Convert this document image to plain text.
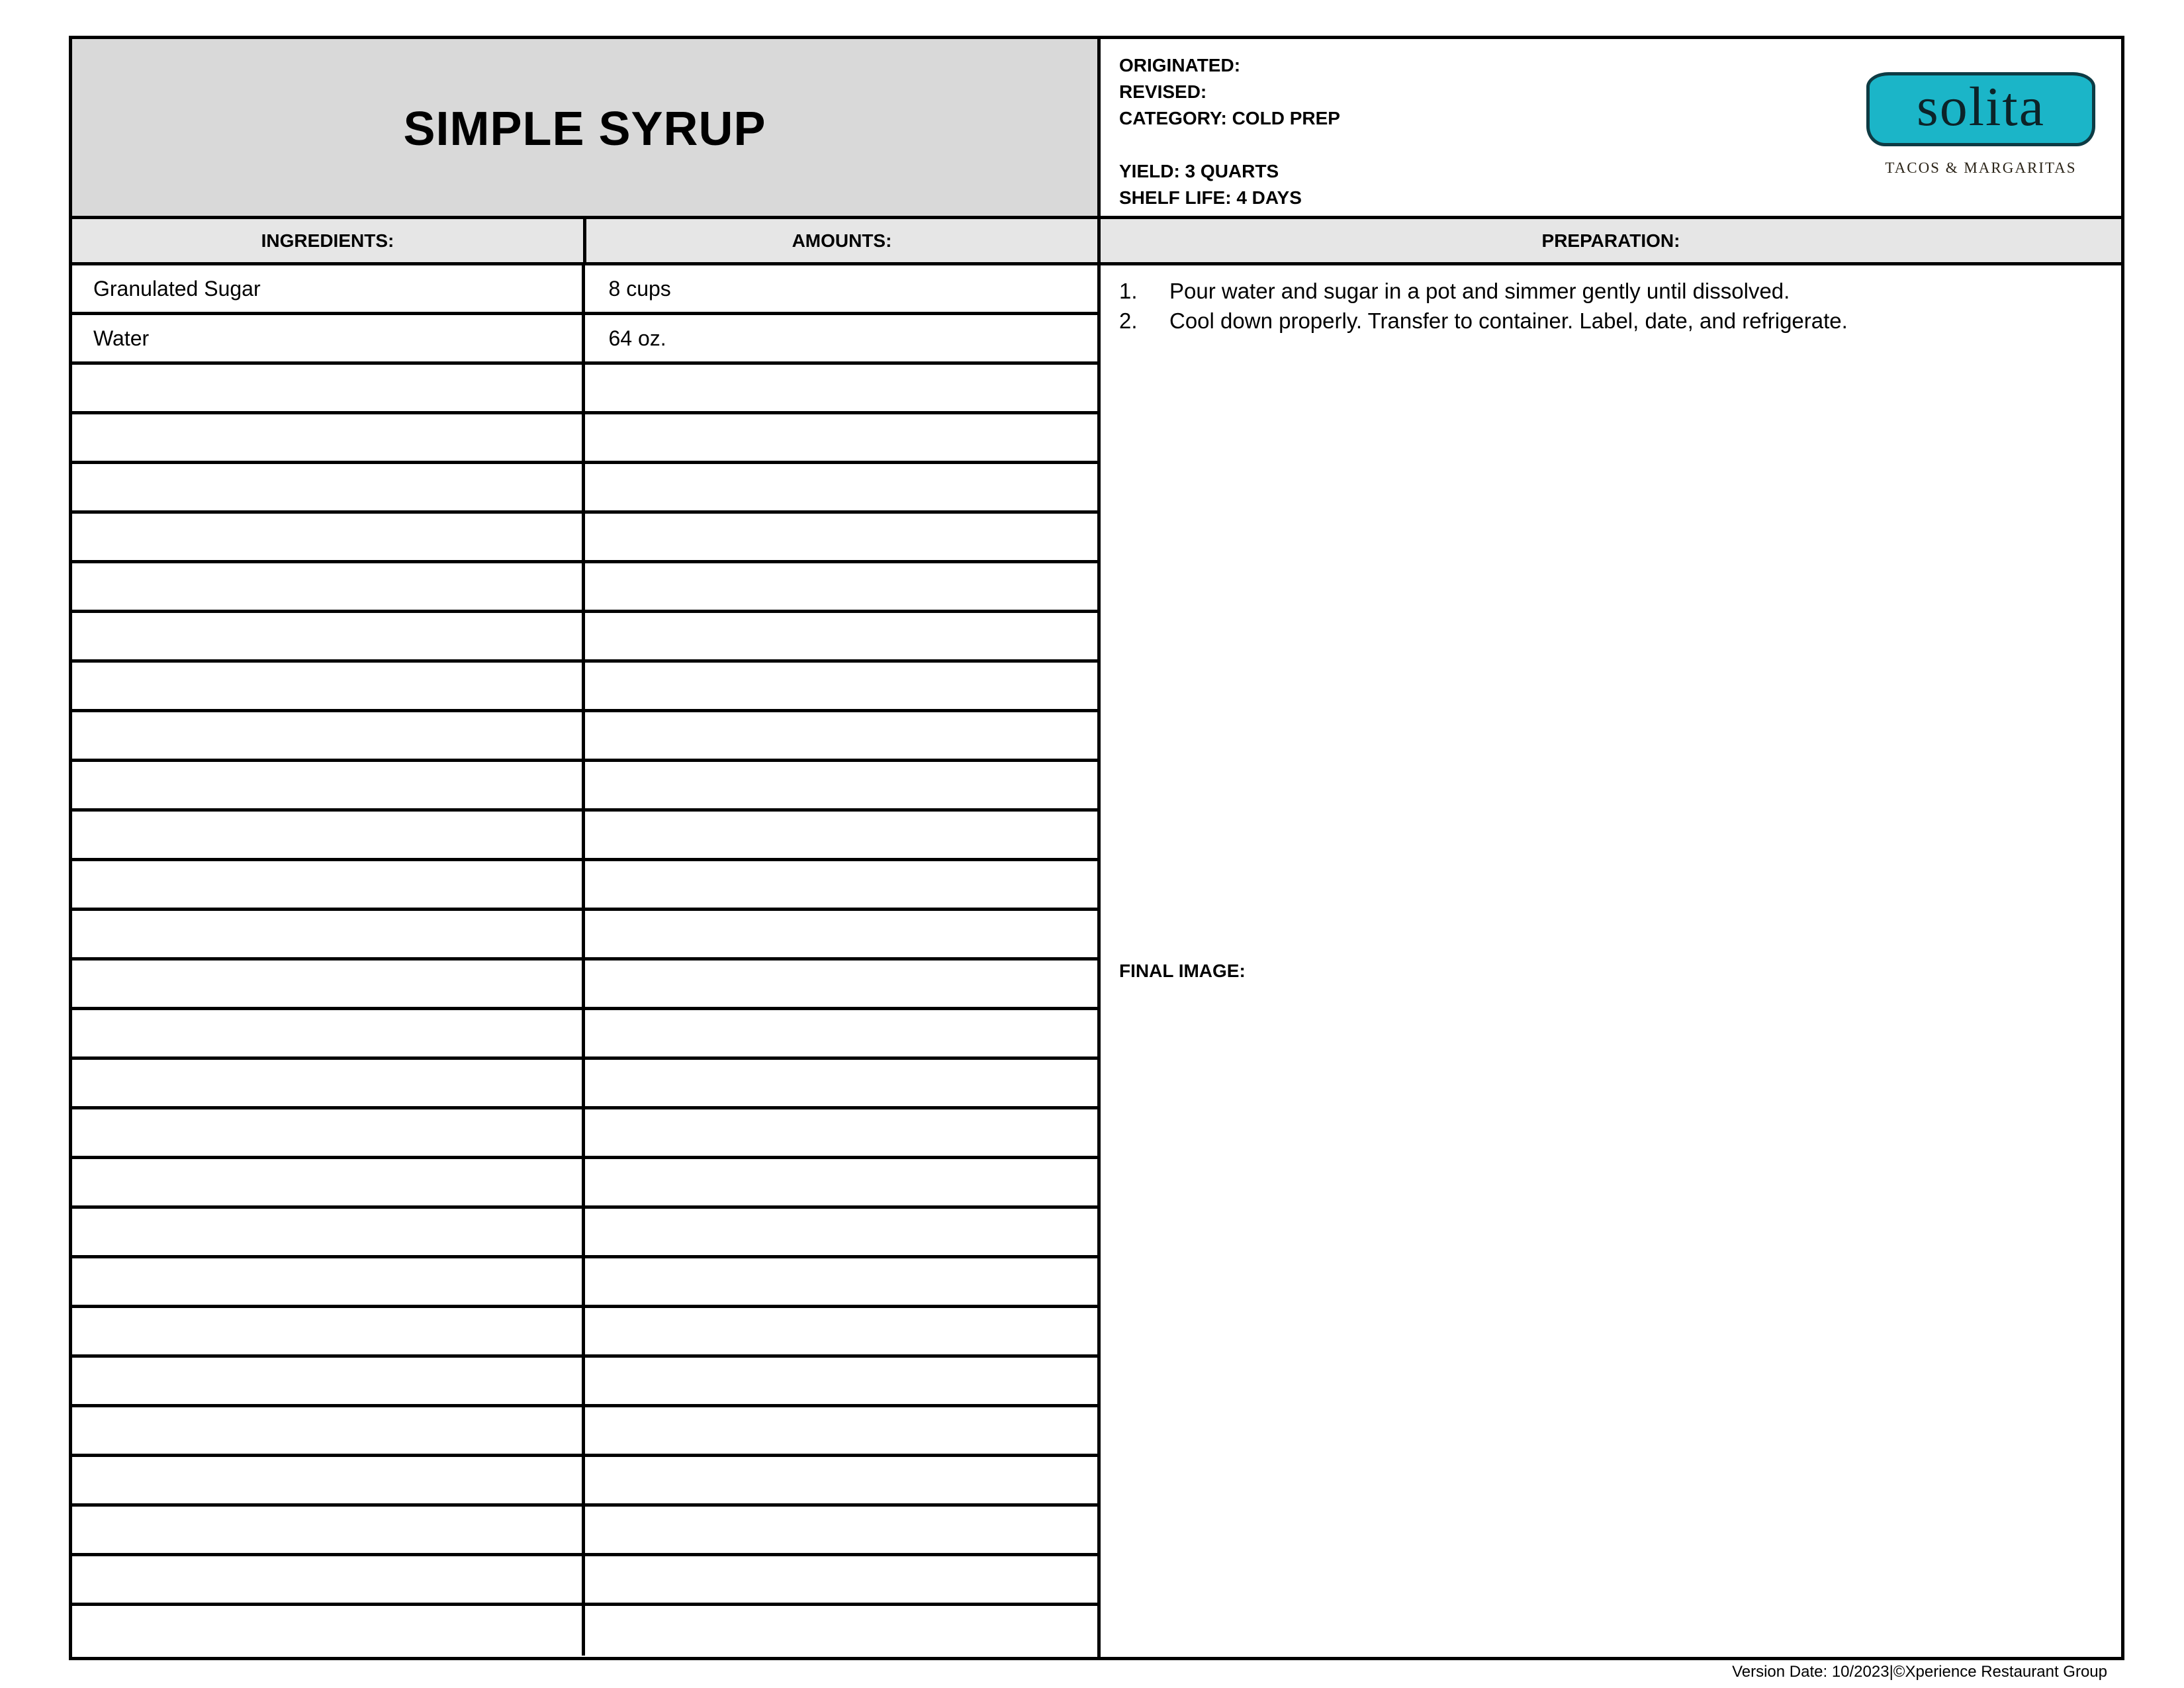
SIMPLE SYRUP
ORIGINATED:
REVISED:
CATEGORY: COLD PREP
YIELD: 3 QUARTS
SHELF LIFE: 4 DAYS
solita
TACOS & MARGARITAS
INGREDIENTS:	AMOUNTS:	PREPARATION:
Granulated Sugar	8 cups
Water	64 oz.
1.	Pour water and sugar in a pot and simmer gently until dissolved.
2.	Cool down properly. Transfer to container. Label, date, and refrigerate.
FINAL IMAGE:
Version Date: 10/2023|©Xperience Restaurant Group
